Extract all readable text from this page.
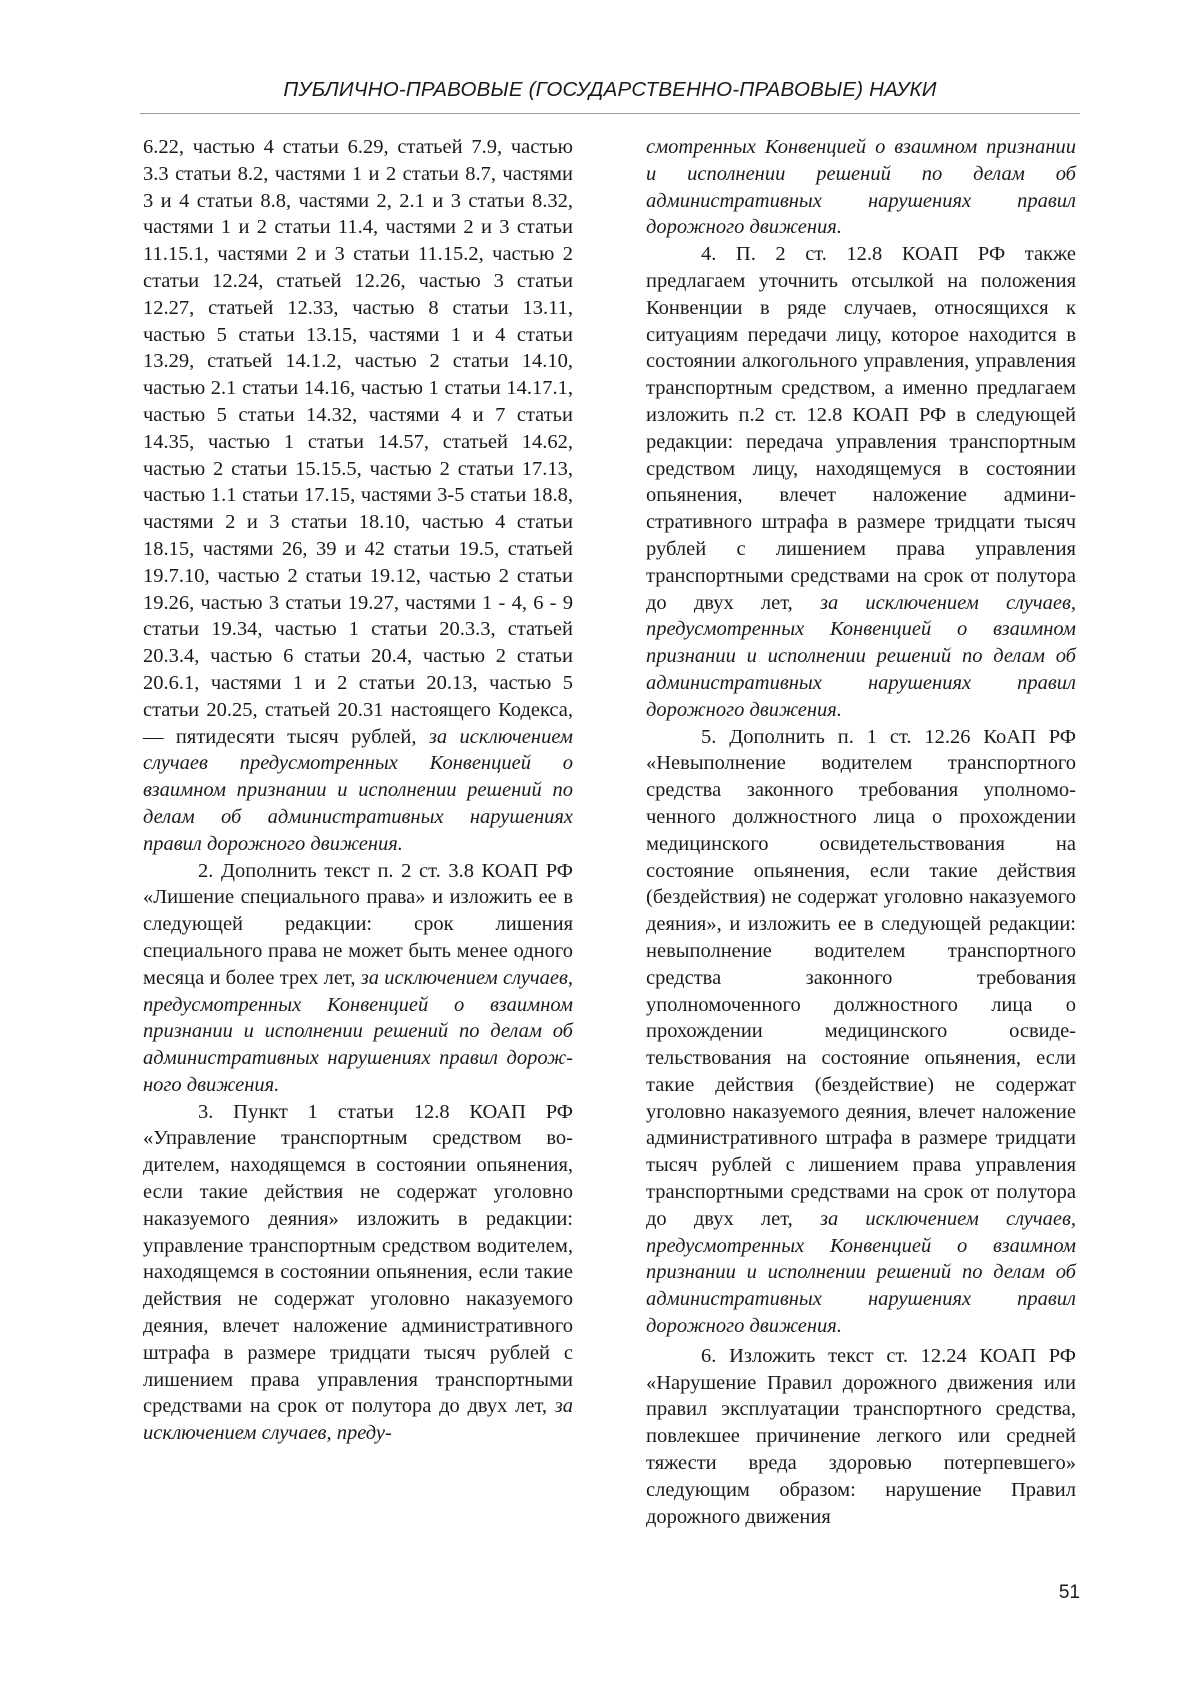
ПУБЛИЧНО-ПРАВОВЫЕ (ГОСУДАРСТВЕННО-ПРАВОВЫЕ) НАУКИ

6.22, частью 4 статьи 6.29, статьей 7.9, частью 3.3 статьи 8.2, частями 1 и 2 статьи 8.7, частями 3 и 4 статьи 8.8, частями 2, 2.1 и 3 статьи 8.32, частями 1 и 2 статьи 11.4, частями 2 и 3 статьи 11.15.1, частями 2 и 3 статьи 11.15.2, частью 2 статьи 12.24, статьей 12.26, частью 3 статьи 12.27, статьей 12.33, частью 8 статьи 13.11, частью 5 статьи 13.15, частями 1 и 4 статьи 13.29, статьей 14.1.2, частью 2 статьи 14.10, частью 2.1 статьи 14.16, частью 1 статьи 14.17.1, частью 5 статьи 14.32, частями 4 и 7 статьи 14.35, частью 1 статьи 14.57, статьей 14.62, частью 2 статьи 15.15.5, частью 2 статьи 17.13, частью 1.1 статьи 17.15, частями 3-5 статьи 18.8, частями 2 и 3 статьи 18.10, частью 4 статьи 18.15, частями 26, 39 и 42 статьи 19.5, статьей 19.7.10, частью 2 статьи 19.12, частью 2 статьи 19.26, частью 3 статьи 19.27, частями 1 - 4, 6 - 9 статьи 19.34, частью 1 статьи 20.3.3, статьей 20.3.4, частью 6 статьи 20.4, частью 2 статьи 20.6.1, частями 1 и 2 статьи 20.13, частью 5 статьи 20.25, статьей 20.31 настоящего Кодекса, — пятидесяти тысяч рублей, за исключением случаев предусмотренных Конвенцией о взаимном признании и исполнении решений по делам об административных нарушениях правил дорожного движения.

2. Дополнить текст п. 2 ст. 3.8 КОАП РФ «Лишение специального права» и изложить ее в следующей редакции: срок лишения специального права не может быть менее одного месяца и более трех лет, за исключением случаев, предусмотренных Конвенцией о взаимном признании и исполнении решений по делам об административных нарушениях правил дорожного движения.

3. Пункт 1 статьи 12.8 КОАП РФ «Управление транспортным средством водителем, находящемся в состоянии опьянения, если такие действия не содержат уголовно наказуемого деяния» изложить в редакции: управление транспортным средством водителем, находящемся в состоянии опьянения, если такие действия не содержат уголовно наказуемого деяния, влечет наложение административного штрафа в размере тридцати тысяч рублей с лишением права управления транспортными средствами на срок от полутора до двух лет, за исключением случаев, преду-

смотренных Конвенцией о взаимном признании и исполнении решений по делам об административных нарушениях правил дорожного движения.

4. П. 2 ст. 12.8 КОАП РФ также предлагаем уточнить отсылкой на положения Конвенции в ряде случаев, относящихся к ситуациям передачи лицу, которое находится в состоянии алкогольного управления, управления транспортным средством, а именно предлагаем изложить п.2 ст. 12.8 КОАП РФ в следующей редакции: передача управления транспортным средством лицу, находящемуся в состоянии опьянения, влечет наложение административного штрафа в размере тридцати тысяч рублей с лишением права управления транспортными средствами на срок от полутора до двух лет, за исключением случаев, предусмотренных Конвенцией о взаимном признании и исполнении решений по делам об административных нарушениях правил дорожного движения.

5. Дополнить п. 1 ст. 12.26 КоАП РФ «Невыполнение водителем транспортного средства законного требования уполномоченного должностного лица о прохождении медицинского освидетельствования на состояние опьянения, если такие действия (бездействия) не содержат уголовно наказуемого деяния», и изложить ее в следующей редакции: невыполнение водителем транспортного средства законного требования уполномоченного должностного лица о прохождении медицинского освидетельствования на состояние опьянения, если такие действия (бездействие) не содержат уголовно наказуемого деяния, влечет наложение административного штрафа в размере тридцати тысяч рублей с лишением права управления транспортными средствами на срок от полутора до двух лет, за исключением случаев, предусмотренных Конвенцией о взаимном признании и исполнении решений по делам об административных нарушениях правил дорожного движения.

6. Изложить текст ст. 12.24 КОАП РФ «Нарушение Правил дорожного движения или правил эксплуатации транспортного средства, повлекшее причинение легкого или средней тяжести вреда здоровью потерпевшего» следующим образом: нарушение Правил дорожного движения

51
